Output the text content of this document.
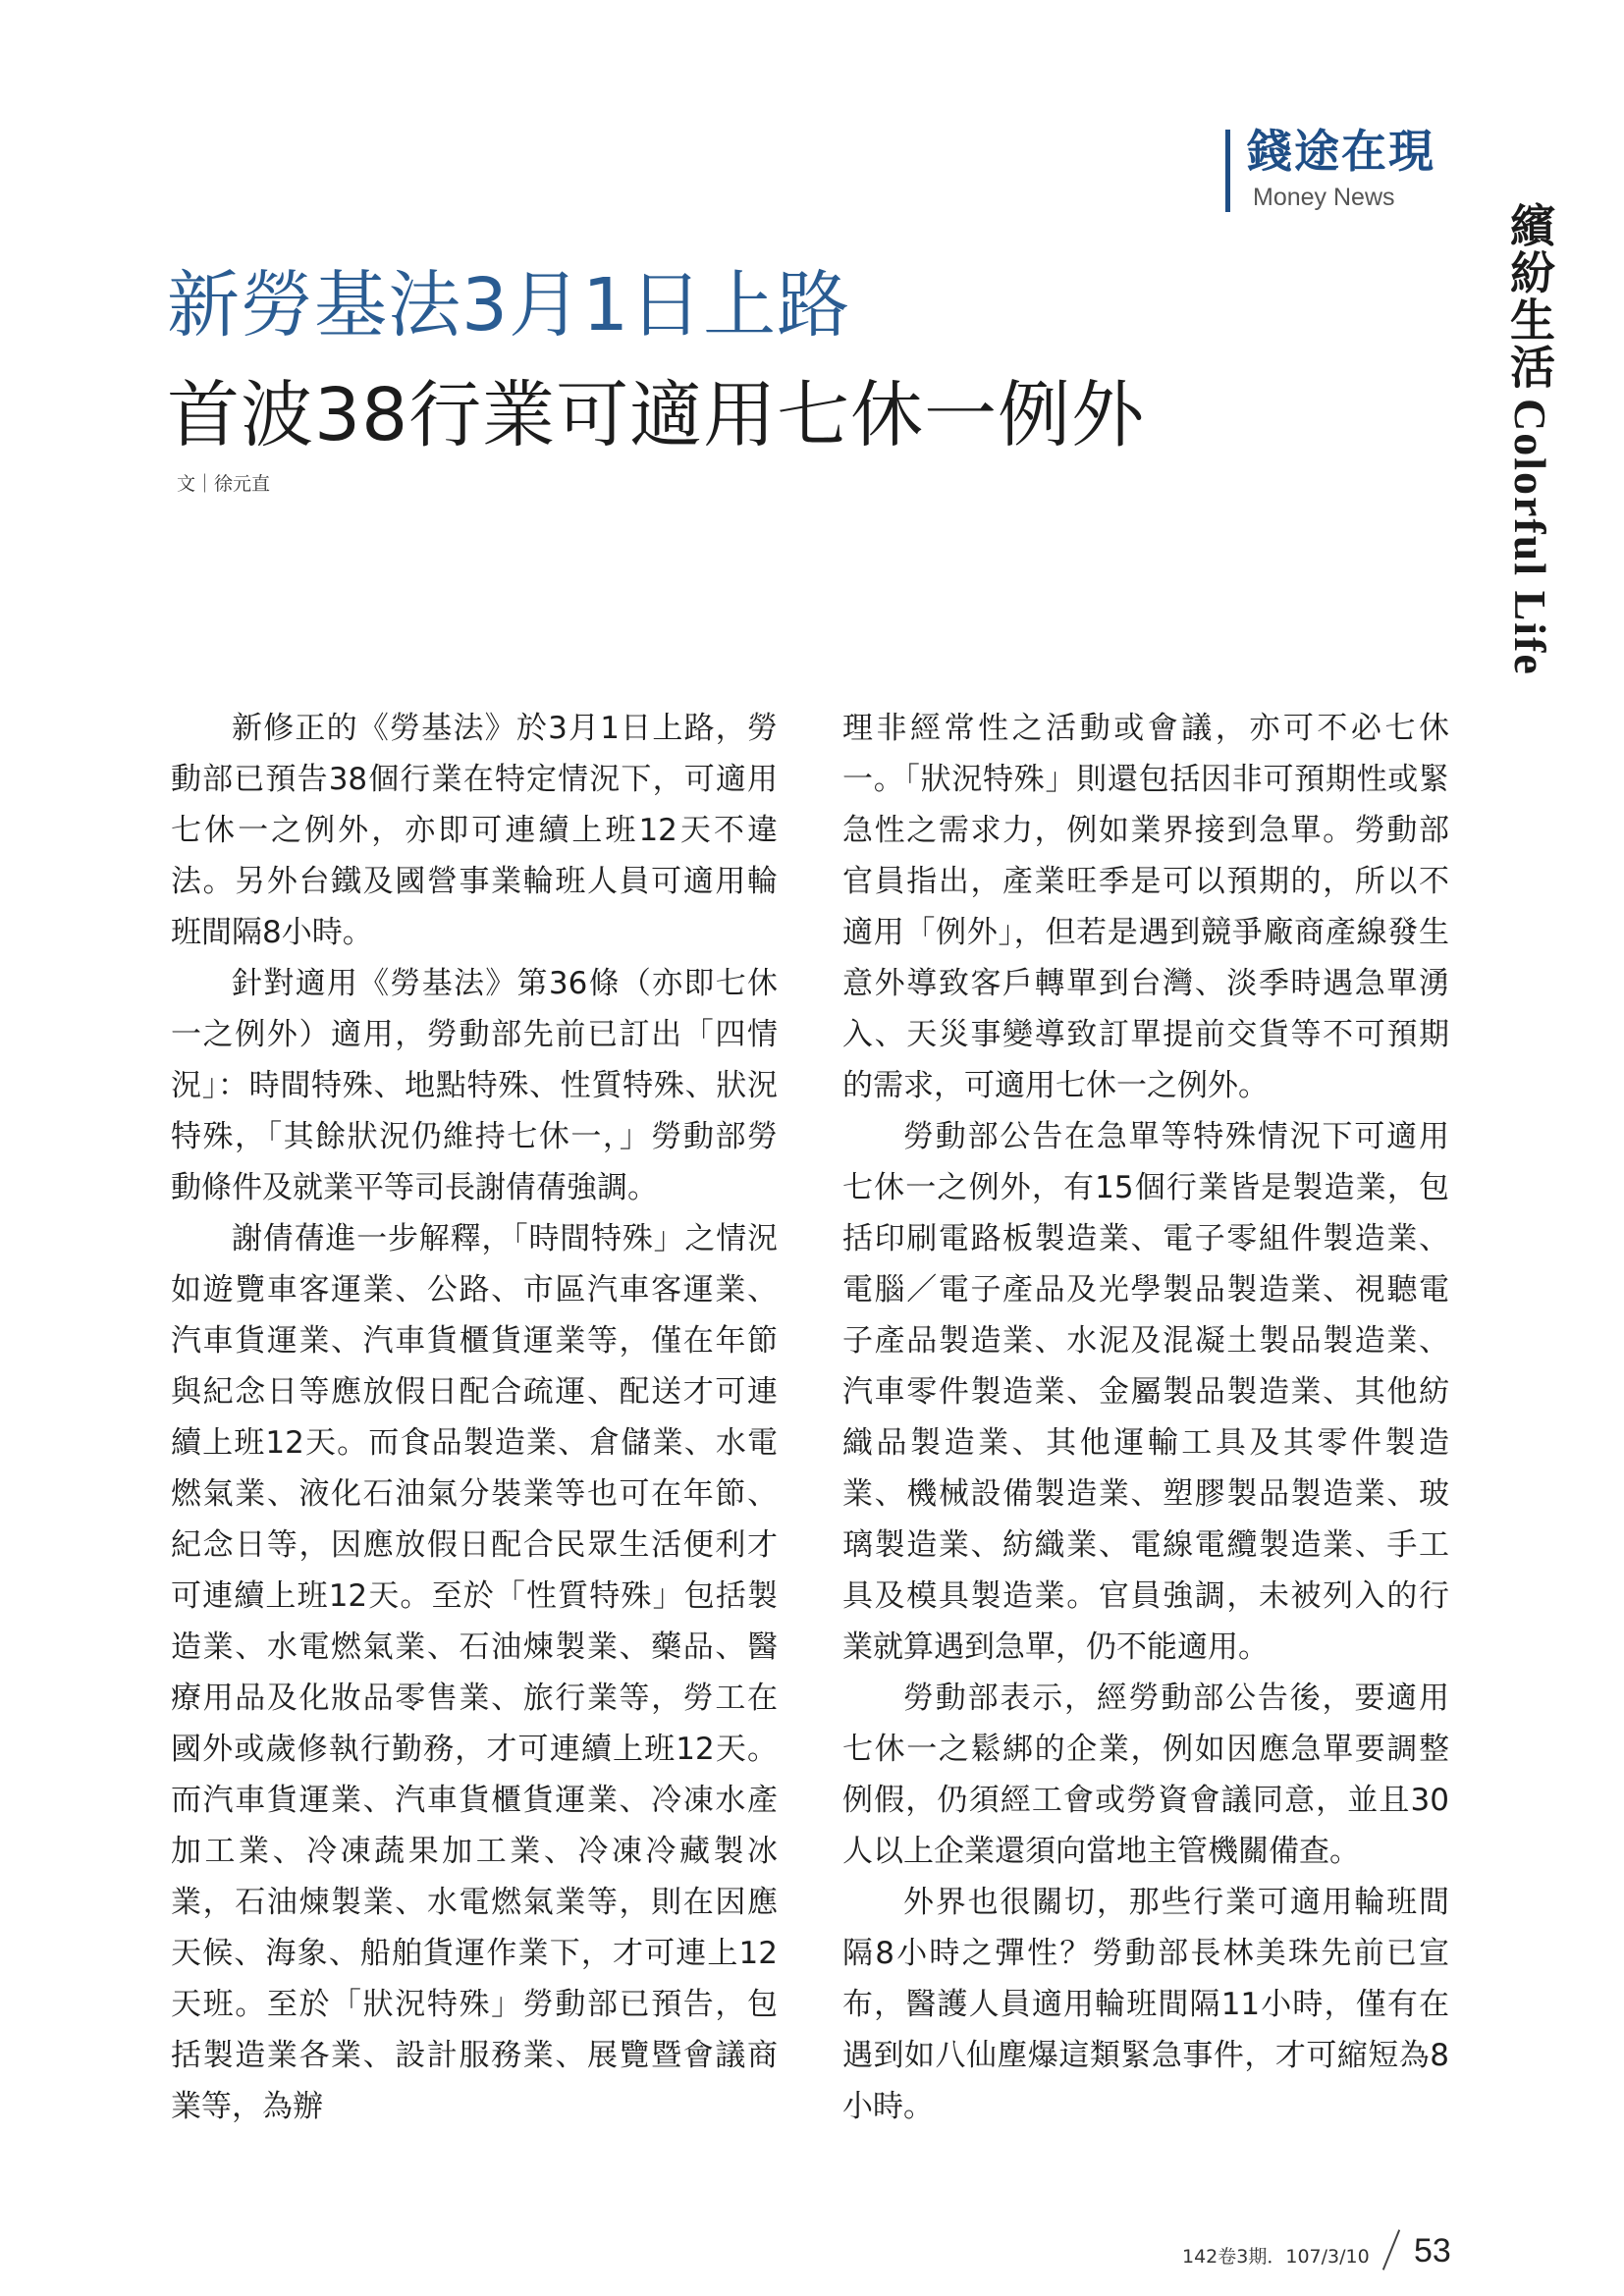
錢途在現
Money News
繽紛生活Colorful Life
新勞基法3月1日上路
首波38行業可適用七休一例外
文｜徐元直

新修正的《勞基法》於3月1日上路，勞動部已預告38個行業在特定情況下，可適用七休一之例外，亦即可連續上班12天不違法。另外台鐵及國營事業輪班人員可適用輪班間隔8小時。

針對適用《勞基法》第36條（亦即七休一之例外）適用，勞動部先前已訂出「四情況」：時間特殊、地點特殊、性質特殊、狀況特殊，「其餘狀況仍維持七休一，」勞動部勞動條件及就業平等司長謝倩蒨強調。

謝倩蒨進一步解釋，「時間特殊」之情況如遊覽車客運業、公路、市區汽車客運業、汽車貨運業、汽車貨櫃貨運業等，僅在年節與紀念日等應放假日配合疏運、配送才可連續上班12天。而食品製造業、倉儲業、水電燃氣業、液化石油氣分裝業等也可在年節、紀念日等，因應放假日配合民眾生活便利才可連續上班12天。至於「性質特殊」包括製造業、水電燃氣業、石油煉製業、藥品、醫療用品及化妝品零售業、旅行業等，勞工在國外或歲修執行勤務，才可連續上班12天。而汽車貨運業、汽車貨櫃貨運業、冷凍水產加工業、冷凍蔬果加工業、冷凍冷藏製冰業，石油煉製業、水電燃氣業等，則在因應天候、海象、船舶貨運作業下，才可連上12天班。至於「狀況特殊」勞動部已預告，包括製造業各業、設計服務業、展覽暨會議商業等，為辦

理非經常性之活動或會議，亦可不必七休一。「狀況特殊」則還包括因非可預期性或緊急性之需求力，例如業界接到急單。勞動部官員指出，產業旺季是可以預期的，所以不適用「例外」，但若是遇到競爭廠商產線發生意外導致客戶轉單到台灣、淡季時遇急單湧入、天災事變導致訂單提前交貨等不可預期的需求，可適用七休一之例外。

勞動部公告在急單等特殊情況下可適用七休一之例外，有15個行業皆是製造業，包括印刷電路板製造業、電子零組件製造業、電腦／電子產品及光學製品製造業、視聽電子產品製造業、水泥及混凝土製品製造業、汽車零件製造業、金屬製品製造業、其他紡織品製造業、其他運輸工具及其零件製造業、機械設備製造業、塑膠製品製造業、玻璃製造業、紡織業、電線電纜製造業、手工具及模具製造業。官員強調，未被列入的行業就算遇到急單，仍不能適用。

勞動部表示，經勞動部公告後，要適用七休一之鬆綁的企業，例如因應急單要調整例假，仍須經工會或勞資會議同意，並且30人以上企業還須向當地主管機關備查。

外界也很關切，那些行業可適用輪班間隔8小時之彈性？勞動部長林美珠先前已宣布，醫護人員適用輪班間隔11小時，僅有在遇到如八仙塵爆這類緊急事件，才可縮短為8小時。

142卷3期．107/3/10 53
